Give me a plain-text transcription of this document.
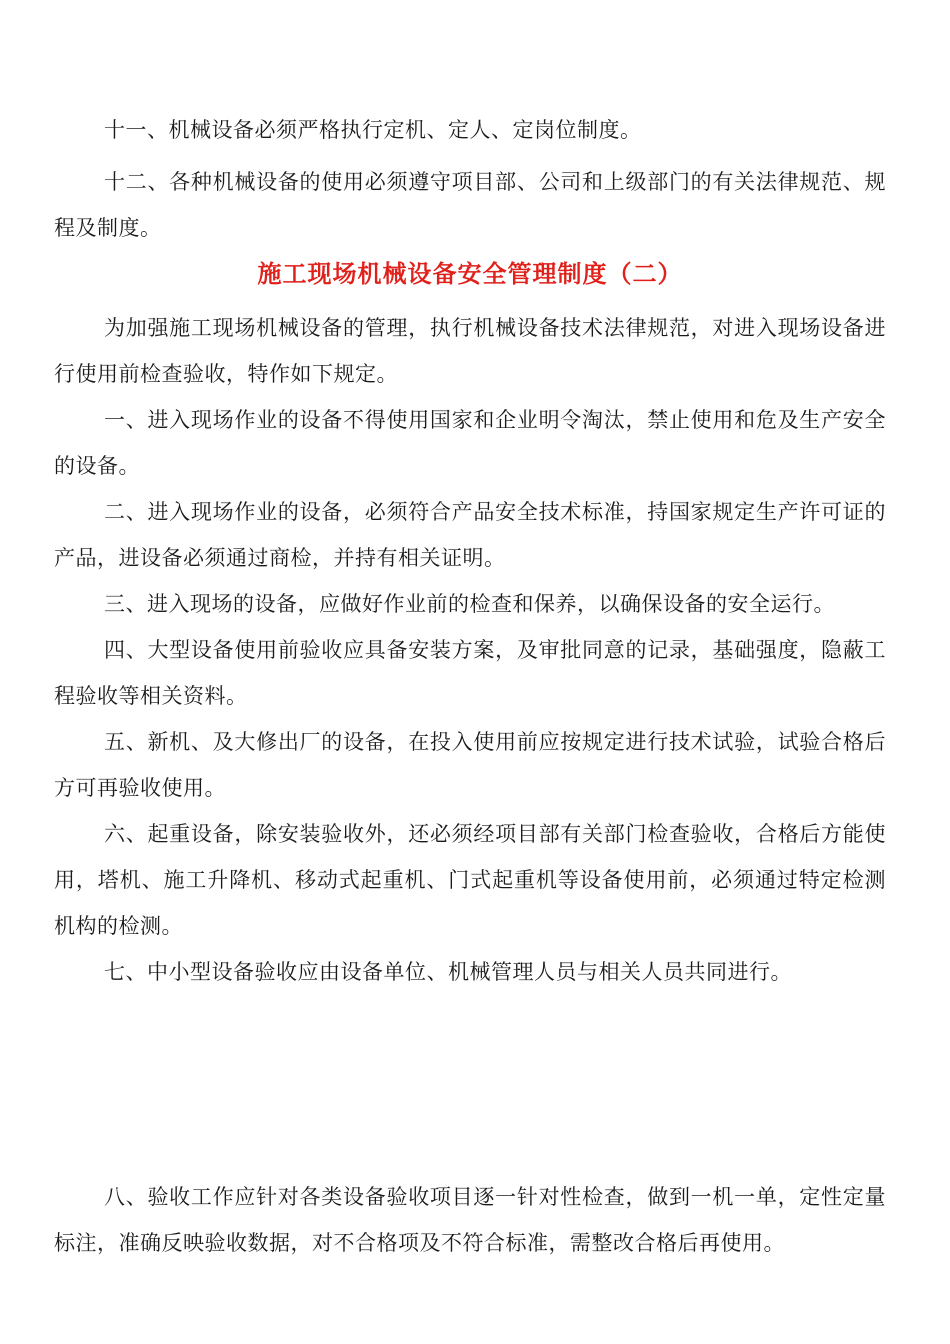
十一、机械设备必须严格执行定机、定人、定岗位制度。

十二、各种机械设备的使用必须遵守项目部、公司和上级部门的有关法律规范、规程及制度。

施工现场机械设备安全管理制度（二）

为加强施工现场机械设备的管理，执行机械设备技术法律规范，对进入现场设备进行使用前检查验收，特作如下规定。

一、进入现场作业的设备不得使用国家和企业明令淘汰，禁止使用和危及生产安全的设备。

二、进入现场作业的设备，必须符合产品安全技术标准，持国家规定生产许可证的产品，进设备必须通过商检，并持有相关证明。

三、进入现场的设备，应做好作业前的检查和保养，以确保设备的安全运行。

四、大型设备使用前验收应具备安装方案，及审批同意的记录，基础强度，隐蔽工程验收等相关资料。

五、新机、及大修出厂的设备，在投入使用前应按规定进行技术试验，试验合格后方可再验收使用。

六、起重设备，除安装验收外，还必须经项目部有关部门检查验收，合格后方能使用，塔机、施工升降机、移动式起重机、门式起重机等设备使用前，必须通过特定检测机构的检测。

七、中小型设备验收应由设备单位、机械管理人员与相关人员共同进行。

八、验收工作应针对各类设备验收项目逐一针对性检查，做到一机一单，定性定量标注，准确反映验收数据，对不合格项及不符合标准，需整改合格后再使用。
